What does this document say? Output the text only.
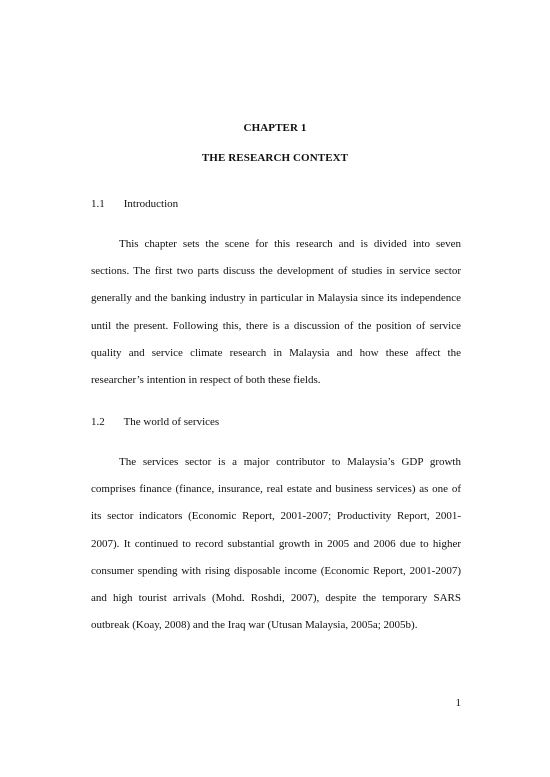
CHAPTER 1
THE RESEARCH CONTEXT
1.1 Introduction

This chapter sets the scene for this research and is divided into seven sections. The first two parts discuss the development of studies in service sector generally and the banking industry in particular in Malaysia since its independence until the present. Following this, there is a discussion of the position of service quality and service climate research in Malaysia and how these affect the researcher’s intention in respect of both these fields.

1.2 The world of services

The services sector is a major contributor to Malaysia’s GDP growth comprises finance (finance, insurance, real estate and business services) as one of its sector indicators (Economic Report, 2001-2007; Productivity Report, 2001-2007). It continued to record substantial growth in 2005 and 2006 due to higher consumer spending with rising disposable income (Economic Report, 2001-2007) and high tourist arrivals (Mohd. Roshdi, 2007), despite the temporary SARS outbreak (Koay, 2008) and the Iraq war (Utusan Malaysia, 2005a; 2005b).

1
